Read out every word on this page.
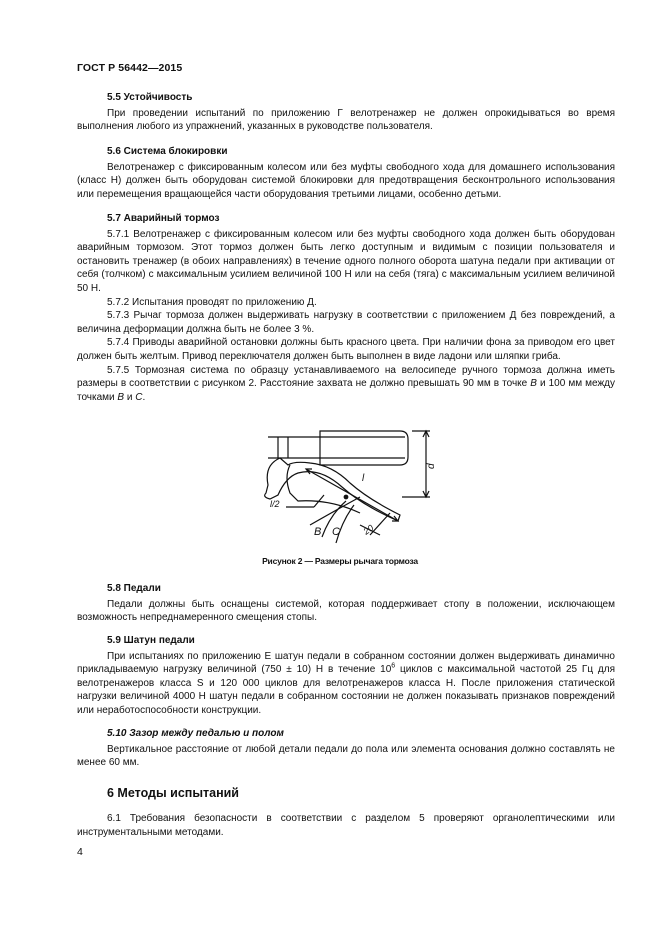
ГОСТ Р 56442—2015
5.5 Устойчивость

При проведении испытаний по приложению Г велотренажер не должен опрокидываться во время выполнения любого из упражнений, указанных в руководстве пользователя.

5.6 Система блокировки

Велотренажер с фиксированным колесом или без муфты свободного хода для домашнего использования (класс Н) должен быть оборудован системой блокировки для предотвращения бесконтрольного использования или перемещения вращающейся части оборудования третьими лицами, особенно детьми.

5.7 Аварийный тормоз

5.7.1 Велотренажер с фиксированным колесом или без муфты свободного хода должен быть оборудован аварийным тормозом. Этот тормоз должен быть легко доступным и видимым с позиции пользователя и остановить тренажер (в обоих направлениях) в течение одного полного оборота шатуна педали при активации от себя (толчком) с максимальным усилием величиной 100 Н или на себя (тяга) с максимальным усилием величиной 50 Н.

5.7.2 Испытания проводят по приложению Д.

5.7.3 Рычаг тормоза должен выдерживать нагрузку в соответствии с приложением Д без повреждений, а величина деформации должна быть не более 3 %.

5.7.4 Приводы аварийной остановки должны быть красного цвета. При наличии фона за приводом его цвет должен быть желтым. Привод переключателя должен быть выполнен в виде ладони или шляпки гриба.

5.7.5 Тормозная система по образцу устанавливаемого на велосипеде ручного тормоза должна иметь размеры в соответствии с рисунком 2. Расстояние захвата не должно превышать 90 мм в точке B и 100 мм между точками B и C.

d
l
l/2
B C 20
Рисунок 2 — Размеры рычага тормоза
5.8 Педали

Педали должны быть оснащены системой, которая поддерживает стопу в положении, исключающем возможность непреднамеренного смещения стопы.

5.9 Шатун педали

При испытаниях по приложению Е шатун педали в собранном состоянии должен выдерживать динамично прикладываемую нагрузку величиной (750 ± 10) Н в течение $10^6$ циклов с максимальной частотой 25 Гц для велотренажеров класса S и 120 000 циклов для велотренажеров класса Н. После приложения статической нагрузки величиной 4000 Н шатун педали в собранном состоянии не должен показывать признаков повреждений или неработоспособности конструкции.

5.10 Зазор между педалью и полом

Вертикальное расстояние от любой детали педали до пола или элемента основания должно составлять не менее 60 мм.

6 Методы испытаний

6.1 Требования безопасности в соответствии с разделом 5 проверяют органолептическими или инструментальными методами.

4
